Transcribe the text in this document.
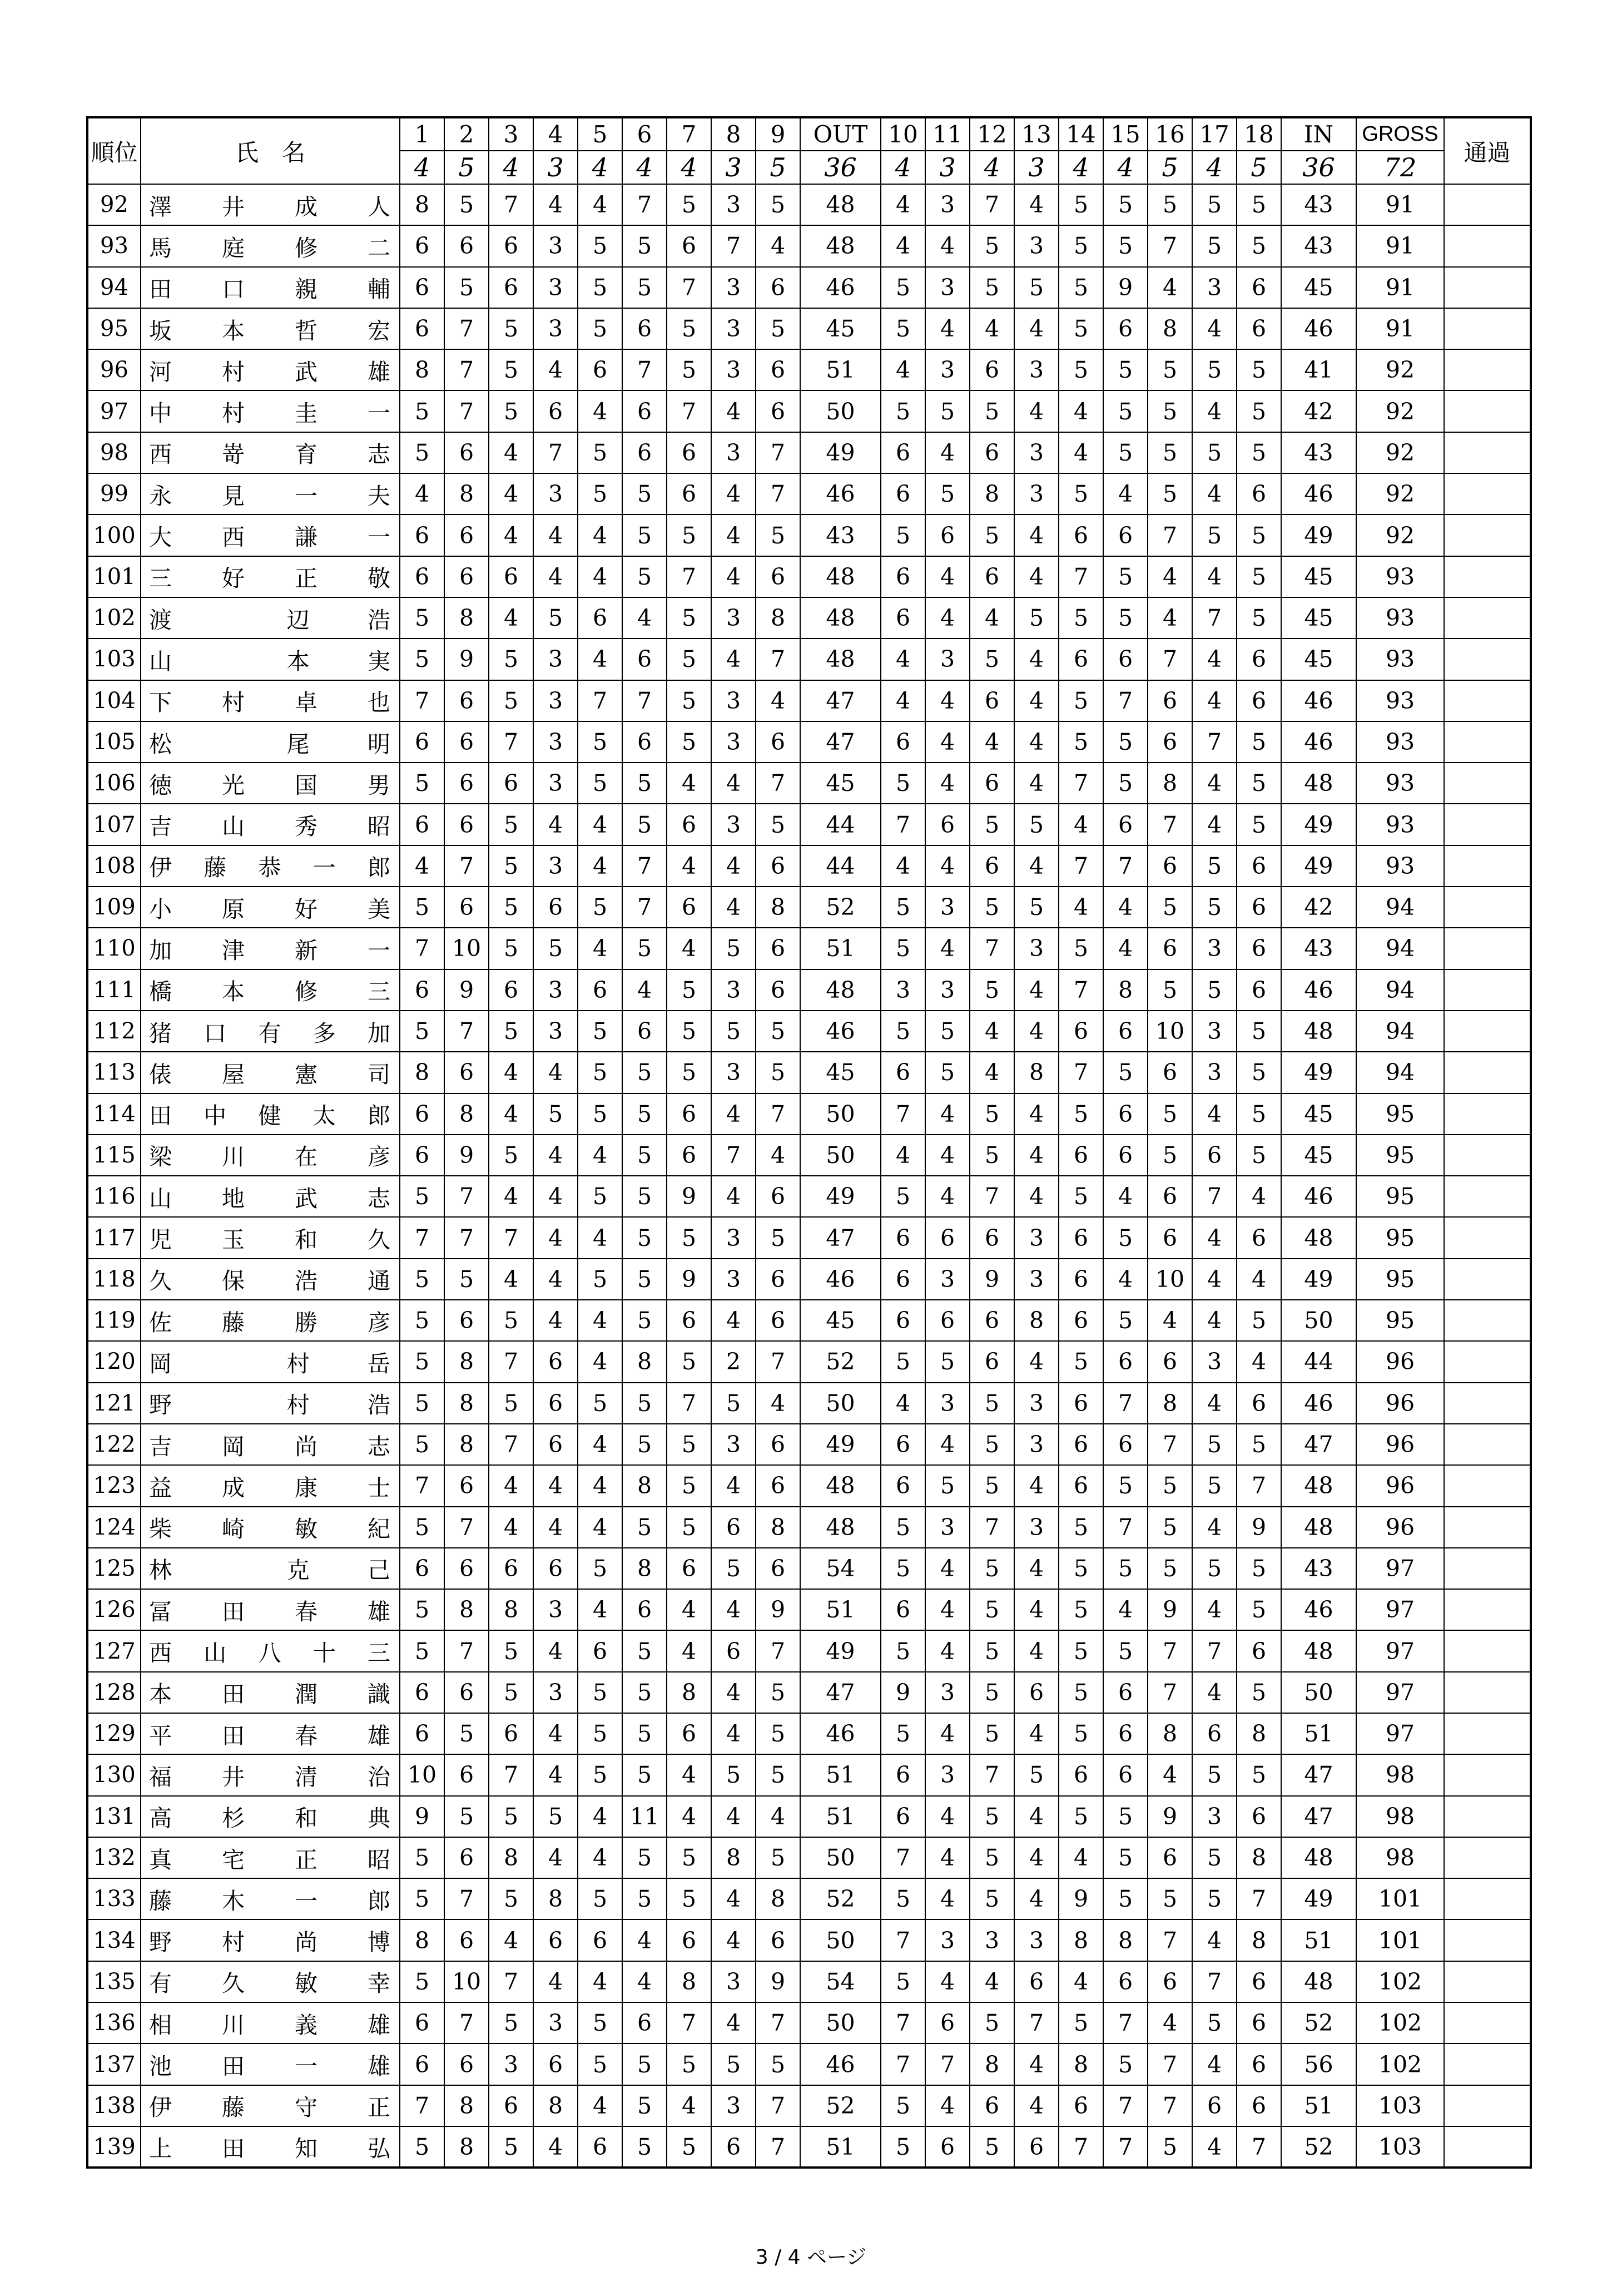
順位	氏　名	1	2	3	4	5	6	7	8	9	OUT	10	11	12	13	14	15	16	17	18	IN	GROSS	通過
		4	5	4	3	4	4	4	3	5	36	4	3	4	3	4	4	5	4	5	36	72	
92	澤 井 成 人	8	5	7	4	4	7	5	3	5	48	4	3	7	4	5	5	5	5	5	43	91	
93	馬 庭 修 二	6	6	6	3	5	5	6	7	4	48	4	4	5	3	5	5	7	5	5	43	91	
94	田 口 親 輔	6	5	6	3	5	5	7	3	6	46	5	3	5	5	5	9	4	3	6	45	91	
95	坂 本 哲 宏	6	7	5	3	5	6	5	3	5	45	5	4	4	4	5	6	8	4	6	46	91	
96	河 村 武 雄	8	7	5	4	6	7	5	3	6	51	4	3	6	3	5	5	5	5	5	41	92	
97	中 村 圭 一	5	7	5	6	4	6	7	4	6	50	5	5	5	4	4	5	5	4	5	42	92	
98	西 嵜 育 志	5	6	4	7	5	6	6	3	7	49	6	4	6	3	4	5	5	5	5	43	92	
99	永 見 一 夫	4	8	4	3	5	5	6	4	7	46	6	5	8	3	5	4	5	4	6	46	92	
100	大 西 謙 一	6	6	4	4	4	5	5	4	5	43	5	6	5	4	6	6	7	5	5	49	92	
101	三 好 正 敬	6	6	6	4	4	5	7	4	6	48	6	4	6	4	7	5	4	4	5	45	93	
102	渡 辺 浩	5	8	4	5	6	4	5	3	8	48	6	4	4	5	5	5	4	7	5	45	93	
103	山 本 実	5	9	5	3	4	6	5	4	7	48	4	3	5	4	6	6	7	4	6	45	93	
104	下 村 卓 也	7	6	5	3	7	7	5	3	4	47	4	4	6	4	5	7	6	4	6	46	93	
105	松 尾 明	6	6	7	3	5	6	5	3	6	47	6	4	4	4	5	5	6	7	5	46	93	
106	徳 光 国 男	5	6	6	3	5	5	4	4	7	45	5	4	6	4	7	5	8	4	5	48	93	
107	吉 山 秀 昭	6	6	5	4	4	5	6	3	5	44	7	6	5	5	4	6	7	4	5	49	93	
108	伊 藤 恭 一 郎	4	7	5	3	4	7	4	4	6	44	4	4	6	4	7	7	6	5	6	49	93	
109	小 原 好 美	5	6	5	6	5	7	6	4	8	52	5	3	5	5	4	4	5	5	6	42	94	
110	加 津 新 一	7	10	5	5	4	5	4	5	6	51	5	4	7	3	5	4	6	3	6	43	94	
111	橋 本 修 三	6	9	6	3	6	4	5	3	6	48	3	3	5	4	7	8	5	5	6	46	94	
112	猪 口 有 多 加	5	7	5	3	5	6	5	5	5	46	5	5	4	4	6	6	10	3	5	48	94	
113	俵 屋 憲 司	8	6	4	4	5	5	5	3	5	45	6	5	4	8	7	5	6	3	5	49	94	
114	田 中 健 太 郎	6	8	4	5	5	5	6	4	7	50	7	4	5	4	5	6	5	4	5	45	95	
115	梁 川 在 彦	6	9	5	4	4	5	6	7	4	50	4	4	5	4	6	6	5	6	5	45	95	
116	山 地 武 志	5	7	4	4	5	5	9	4	6	49	5	4	7	4	5	4	6	7	4	46	95	
117	児 玉 和 久	7	7	7	4	4	5	5	3	5	47	6	6	6	3	6	5	6	4	6	48	95	
118	久 保 浩 通	5	5	4	4	5	5	9	3	6	46	6	3	9	3	6	4	10	4	4	49	95	
119	佐 藤 勝 彦	5	6	5	4	4	5	6	4	6	45	6	6	6	8	6	5	4	4	5	50	95	
120	岡 村 岳	5	8	7	6	4	8	5	2	7	52	5	5	6	4	5	6	6	3	4	44	96	
121	野 村 浩	5	8	5	6	5	5	7	5	4	50	4	3	5	3	6	7	8	4	6	46	96	
122	吉 岡 尚 志	5	8	7	6	4	5	5	3	6	49	6	4	5	3	6	6	7	5	5	47	96	
123	益 成 康 士	7	6	4	4	4	8	5	4	6	48	6	5	5	4	6	5	5	5	7	48	96	
124	柴 崎 敏 紀	5	7	4	4	4	5	5	6	8	48	5	3	7	3	5	7	5	4	9	48	96	
125	林 克 己	6	6	6	6	5	8	6	5	6	54	5	4	5	4	5	5	5	5	5	43	97	
126	冨 田 春 雄	5	8	8	3	4	6	4	4	9	51	6	4	5	4	5	4	9	4	5	46	97	
127	西 山 八 十 三	5	7	5	4	6	5	4	6	7	49	5	4	5	4	5	5	7	7	6	48	97	
128	本 田 潤 識	6	6	5	3	5	5	8	4	5	47	9	3	5	6	5	6	7	4	5	50	97	
129	平 田 春 雄	6	5	6	4	5	5	6	4	5	46	5	4	5	4	5	6	8	6	8	51	97	
130	福 井 清 治	10	6	7	4	5	5	4	5	5	51	6	3	7	5	6	6	4	5	5	47	98	
131	高 杉 和 典	9	5	5	5	4	11	4	4	4	51	6	4	5	4	5	5	9	3	6	47	98	
132	真 宅 正 昭	5	6	8	4	4	5	5	8	5	50	7	4	5	4	4	5	6	5	8	48	98	
133	藤 木 一 郎	5	7	5	8	5	5	5	4	8	52	5	4	5	4	9	5	5	5	7	49	101	
134	野 村 尚 博	8	6	4	6	6	4	6	4	6	50	7	3	3	3	8	8	7	4	8	51	101	
135	有 久 敏 幸	5	10	7	4	4	4	8	3	9	54	5	4	4	6	4	6	6	7	6	48	102	
136	相 川 義 雄	6	7	5	3	5	6	7	4	7	50	7	6	5	7	5	7	4	5	6	52	102	
137	池 田 一 雄	6	6	3	6	5	5	5	5	5	46	7	7	8	4	8	5	7	4	6	56	102	
138	伊 藤 守 正	7	8	6	8	4	5	4	3	7	52	5	4	6	4	6	7	7	6	6	51	103	
139	上 田 知 弘	5	8	5	4	6	5	5	6	7	51	5	6	5	6	7	7	5	4	7	52	103	
3 / 4 ページ
